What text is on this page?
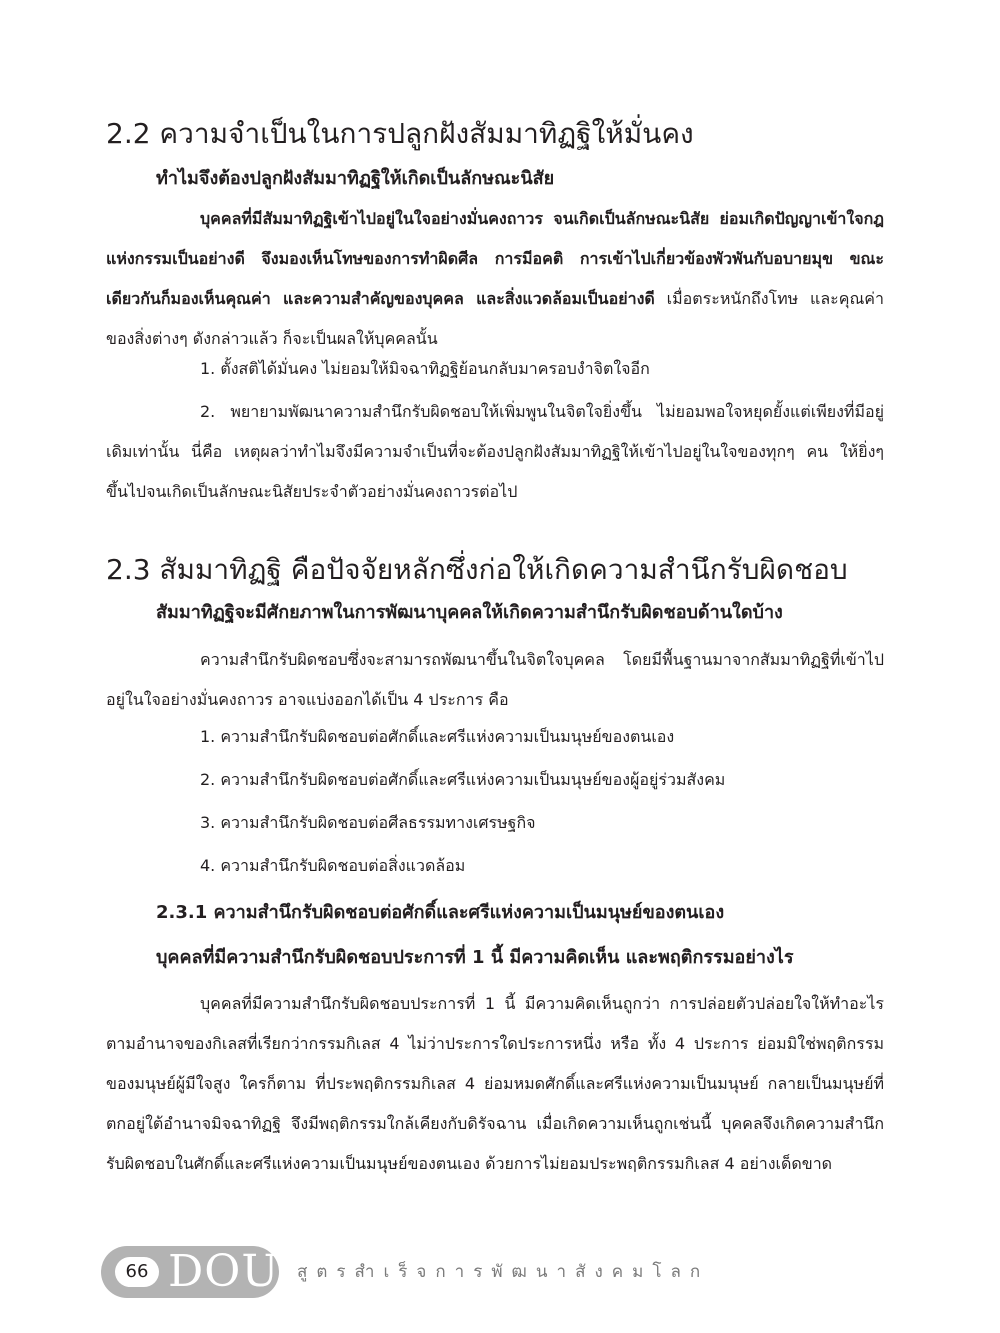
2.2 ความจำเป็นในการปลูกฝังสัมมาทิฏฐิให้มั่นคง
ทำไมจึงต้องปลูกฝังสัมมาทิฏฐิให้เกิดเป็นลักษณะนิสัย
บุคคลที่มีสัมมาทิฏฐิเข้าไปอยู่ในใจอย่างมั่นคงถาวร จนเกิดเป็นลักษณะนิสัย ย่อมเกิดปัญญาเข้าใจกฎแห่งกรรมเป็นอย่างดี จึงมองเห็นโทษของการทำผิดศีล การมีอคติ การเข้าไปเกี่ยวข้องพัวพันกับอบายมุข ขณะเดียวกันก็มองเห็นคุณค่า และความสำคัญของบุคคล และสิ่งแวดล้อมเป็นอย่างดี เมื่อตระหนักถึงโทษ และคุณค่าของสิ่งต่างๆ ดังกล่าวแล้ว ก็จะเป็นผลให้บุคคลนั้น
1. ตั้งสติได้มั่นคง ไม่ยอมให้มิจฉาทิฏฐิย้อนกลับมาครอบงำจิตใจอีก
2. พยายามพัฒนาความสำนึกรับผิดชอบให้เพิ่มพูนในจิตใจยิ่งขึ้น ไม่ยอมพอใจหยุดยั้งแต่เพียงที่มีอยู่เดิมเท่านั้น นี่คือ เหตุผลว่าทำไมจึงมีความจำเป็นที่จะต้องปลูกฝังสัมมาทิฏฐิให้เข้าไปอยู่ในใจของทุกๆ คน ให้ยิ่งๆ ขึ้นไปจนเกิดเป็นลักษณะนิสัยประจำตัวอย่างมั่นคงถาวรต่อไป
2.3 สัมมาทิฏฐิ คือปัจจัยหลักซึ่งก่อให้เกิดความสำนึกรับผิดชอบ
สัมมาทิฏฐิจะมีศักยภาพในการพัฒนาบุคคลให้เกิดความสำนึกรับผิดชอบด้านใดบ้าง
ความสำนึกรับผิดชอบซึ่งจะสามารถพัฒนาขึ้นในจิตใจบุคคล โดยมีพื้นฐานมาจากสัมมาทิฏฐิที่เข้าไปอยู่ในใจอย่างมั่นคงถาวร อาจแบ่งออกได้เป็น 4 ประการ คือ
1. ความสำนึกรับผิดชอบต่อศักดิ์และศรีแห่งความเป็นมนุษย์ของตนเอง
2. ความสำนึกรับผิดชอบต่อศักดิ์และศรีแห่งความเป็นมนุษย์ของผู้อยู่ร่วมสังคม
3. ความสำนึกรับผิดชอบต่อศีลธรรมทางเศรษฐกิจ
4. ความสำนึกรับผิดชอบต่อสิ่งแวดล้อม
2.3.1 ความสำนึกรับผิดชอบต่อศักดิ์และศรีแห่งความเป็นมนุษย์ของตนเอง
บุคคลที่มีความสำนึกรับผิดชอบประการที่ 1 นี้ มีความคิดเห็น และพฤติกรรมอย่างไร
บุคคลที่มีความสำนึกรับผิดชอบประการที่ 1 นี้ มีความคิดเห็นถูกว่า การปล่อยตัวปล่อยใจให้ทำอะไรตามอำนาจของกิเลสที่เรียกว่ากรรมกิเลส 4 ไม่ว่าประการใดประการหนึ่ง หรือ ทั้ง 4 ประการ ย่อมมิใช่พฤติกรรมของมนุษย์ผู้มีใจสูง ใครก็ตาม ที่ประพฤติกรรมกิเลส 4 ย่อมหมดศักดิ์และศรีแห่งความเป็นมนุษย์ กลายเป็นมนุษย์ที่ตกอยู่ใต้อำนาจมิจฉาทิฏฐิ จึงมีพฤติกรรมใกล้เคียงกับดิรัจฉาน เมื่อเกิดความเห็นถูกเช่นนี้ บุคคลจึงเกิดความสำนึกรับผิดชอบในศักดิ์และศรีแห่งความเป็นมนุษย์ของตนเอง ด้วยการไม่ยอมประพฤติกรรมกิเลส 4 อย่างเด็ดขาด
66 DOU สูตรสำเร็จการพัฒนาสังคมโลก
